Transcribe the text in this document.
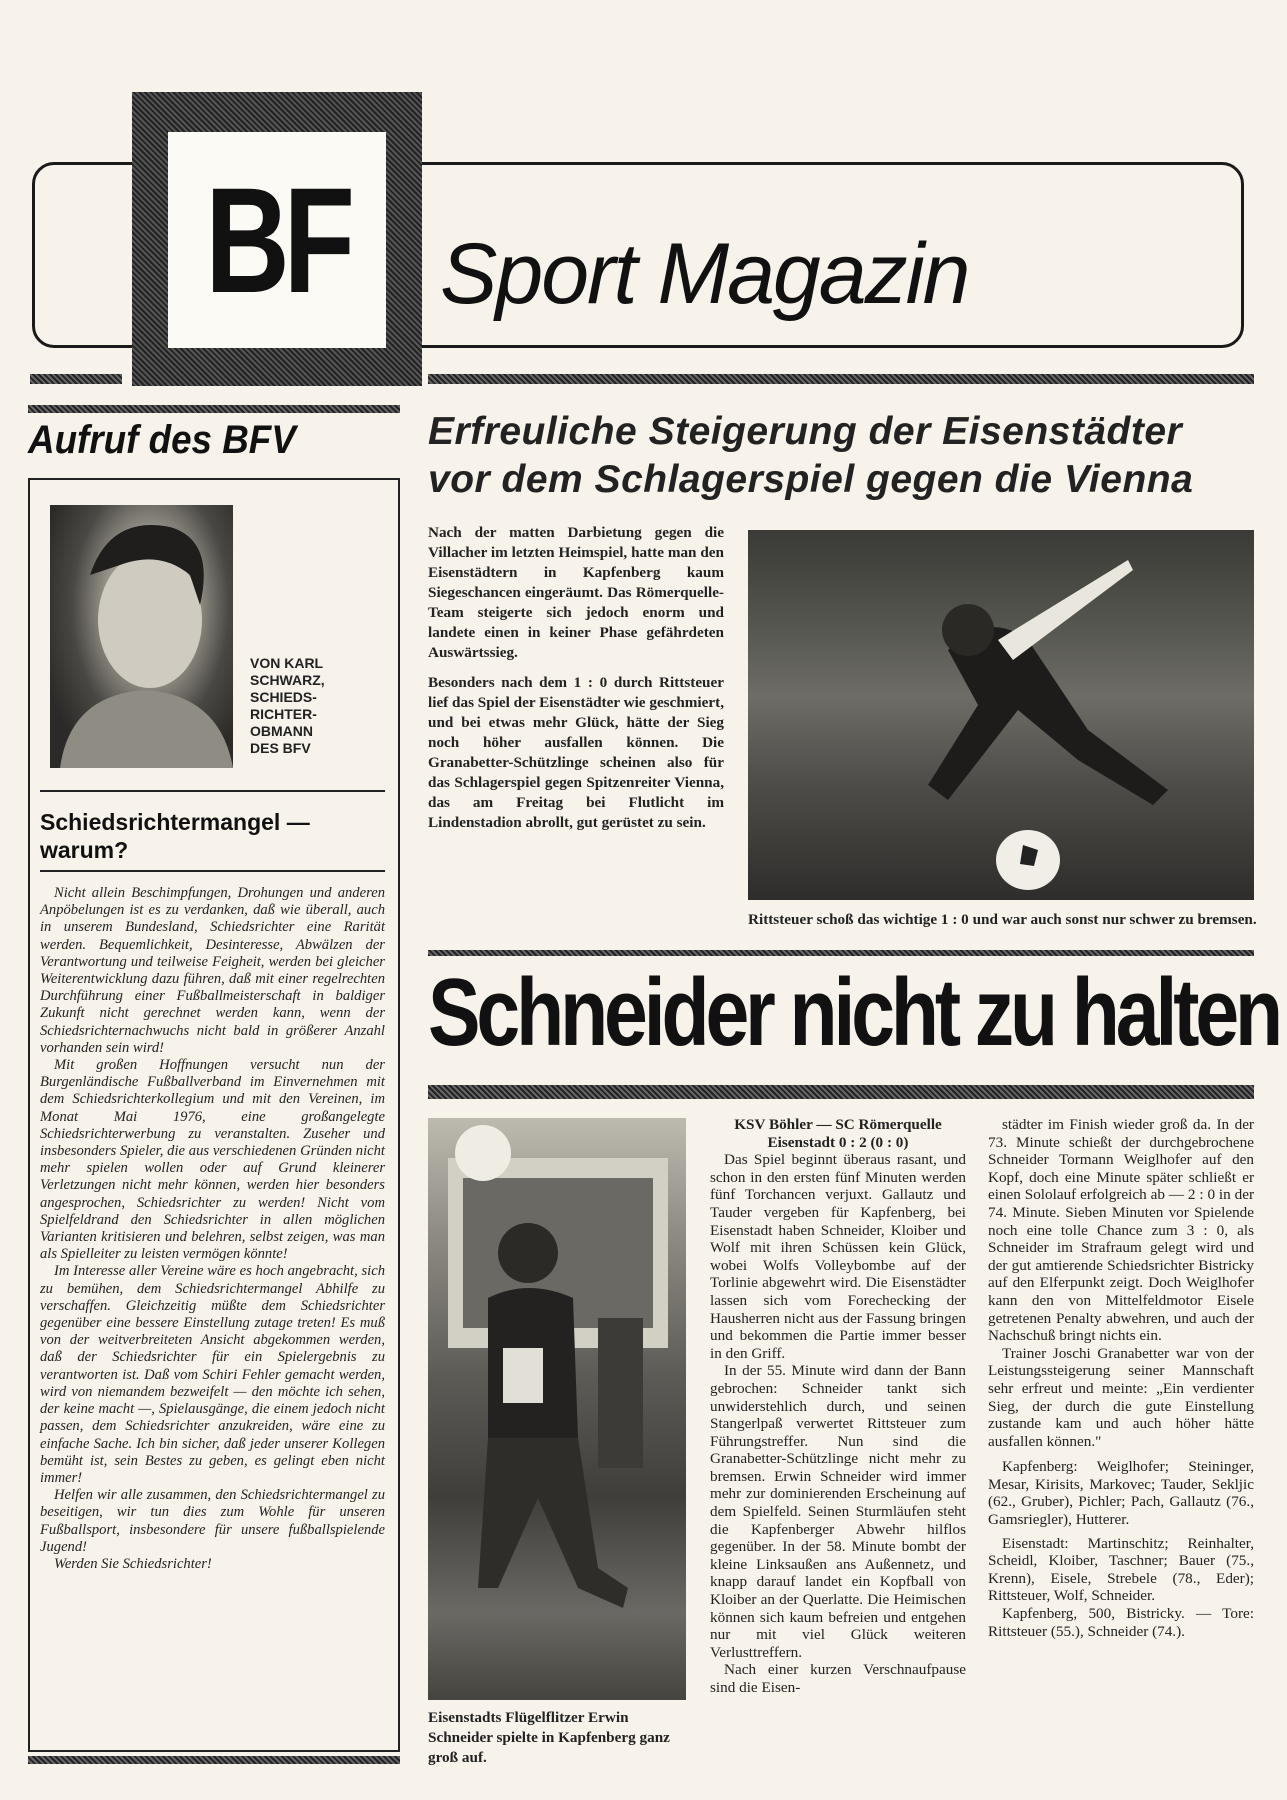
BF Sport Magazin
Aufruf des BFV
VON KARL
SCHWARZ,
SCHIEDS-
RICHTER-
OBMANN
DES BFV
Schiedsrichtermangel — warum?

Nicht allein Beschimpfungen, Drohungen und anderen Anpöbelungen ist es zu verdanken, daß wie überall, auch in unserem Bundesland, Schiedsrichter eine Rarität werden. Bequemlichkeit, Desinteresse, Abwälzen der Verantwortung und teilweise Feigheit, werden bei gleicher Weiterentwicklung dazu führen, daß mit einer regelrechten Durchführung einer Fußballmeisterschaft in baldiger Zukunft nicht gerechnet werden kann, wenn der Schiedsrichternachwuchs nicht bald in größerer Anzahl vorhanden sein wird!

Mit großen Hoffnungen versucht nun der Burgenländische Fußballverband im Einvernehmen mit dem Schiedsrichterkollegium und mit den Vereinen, im Monat Mai 1976, eine großangelegte Schiedsrichterwerbung zu veranstalten. Zuseher und insbesonders Spieler, die aus verschiedenen Gründen nicht mehr spielen wollen oder auf Grund kleinerer Verletzungen nicht mehr können, werden hier besonders angesprochen, Schiedsrichter zu werden! Nicht vom Spielfeldrand den Schiedsrichter in allen möglichen Varianten kritisieren und belehren, selbst zeigen, was man als Spielleiter zu leisten vermögen könnte!

Im Interesse aller Vereine wäre es hoch angebracht, sich zu bemühen, dem Schiedsrichtermangel Abhilfe zu verschaffen. Gleichzeitig müßte dem Schiedsrichter gegenüber eine bessere Einstellung zutage treten! Es muß von der weitverbreiteten Ansicht abgekommen werden, daß der Schiedsrichter für ein Spielergebnis zu verantworten ist. Daß vom Schiri Fehler gemacht werden, wird von niemandem bezweifelt — den möchte ich sehen, der keine macht —, Spielausgänge, die einem jedoch nicht passen, dem Schiedsrichter anzukreiden, wäre eine zu einfache Sache. Ich bin sicher, daß jeder unserer Kollegen bemüht ist, sein Bestes zu geben, es gelingt eben nicht immer!

Helfen wir alle zusammen, den Schiedsrichtermangel zu beseitigen, wir tun dies zum Wohle für unseren Fußballsport, insbesondere für unsere fußballspielende Jugend!

Werden Sie Schiedsrichter!

Erfreuliche Steigerung der Eisenstädter
vor dem Schlagerspiel gegen die Vienna

Nach der matten Darbietung gegen die Villacher im letzten Heimspiel, hatte man den Eisenstädtern in Kapfenberg kaum Siegeschancen eingeräumt. Das Römerquelle-Team steigerte sich jedoch enorm und landete einen in keiner Phase gefährdeten Auswärtssieg.

Besonders nach dem 1 : 0 durch Rittsteuer lief das Spiel der Eisenstädter wie geschmiert, und bei etwas mehr Glück, hätte der Sieg noch höher ausfallen können. Die Granabetter-Schützlinge scheinen also für das Schlagerspiel gegen Spitzenreiter Vienna, das am Freitag bei Flutlicht im Lindenstadion abrollt, gut gerüstet zu sein.

Rittsteuer schoß das wichtige 1 : 0 und war auch sonst nur schwer zu bremsen.
Schneider nicht zu halten
Eisenstadts Flügelflitzer Erwin Schneider spielte in Kapfenberg ganz groß auf.

KSV Böhler — SC Römerquelle Eisenstadt 0 : 2 (0 : 0)

Das Spiel beginnt überaus rasant, und schon in den ersten fünf Minuten werden fünf Torchancen verjuxt. Gallautz und Tauder vergeben für Kapfenberg, bei Eisenstadt haben Schneider, Kloiber und Wolf mit ihren Schüssen kein Glück, wobei Wolfs Volleybombe auf der Torlinie abgewehrt wird. Die Eisenstädter lassen sich vom Forechecking der Hausherren nicht aus der Fassung bringen und bekommen die Partie immer besser in den Griff.

In der 55. Minute wird dann der Bann gebrochen: Schneider tankt sich unwiderstehlich durch, und seinen Stangerlpaß verwertet Rittsteuer zum Führungstreffer. Nun sind die Granabetter-Schützlinge nicht mehr zu bremsen. Erwin Schneider wird immer mehr zur dominierenden Erscheinung auf dem Spielfeld. Seinen Sturmläufen steht die Kapfenberger Abwehr hilflos gegenüber. In der 58. Minute bombt der kleine Linksaußen ans Außennetz, und knapp darauf landet ein Kopfball von Kloiber an der Querlatte. Die Heimischen können sich kaum befreien und entgehen nur mit viel Glück weiteren Verlusttreffern.

Nach einer kurzen Verschnaufpause sind die Eisen-

städter im Finish wieder groß da. In der 73. Minute schießt der durchgebrochene Schneider Tormann Weiglhofer auf den Kopf, doch eine Minute später schließt er einen Sololauf erfolgreich ab — 2 : 0 in der 74. Minute. Sieben Minuten vor Spielende noch eine tolle Chance zum 3 : 0, als Schneider im Strafraum gelegt wird und der gut amtierende Schiedsrichter Bistricky auf den Elferpunkt zeigt. Doch Weiglhofer kann den von Mittelfeldmotor Eisele getretenen Penalty abwehren, und auch der Nachschuß bringt nichts ein.

Trainer Joschi Granabetter war von der Leistungssteigerung seiner Mannschaft sehr erfreut und meinte: „Ein verdienter Sieg, der durch die gute Einstellung zustande kam und auch höher hätte ausfallen können."

Kapfenberg: Weiglhofer; Steininger, Mesar, Kirisits, Markovec; Tauder, Sekljic (62., Gruber), Pichler; Pach, Gallautz (76., Gamsriegler), Hutterer.

Eisenstadt: Martinschitz; Reinhalter, Scheidl, Kloiber, Taschner; Bauer (75., Krenn), Eisele, Strebele (78., Eder); Rittsteuer, Wolf, Schneider.

Kapfenberg, 500, Bistricky. — Tore: Rittsteuer (55.), Schneider (74.).
